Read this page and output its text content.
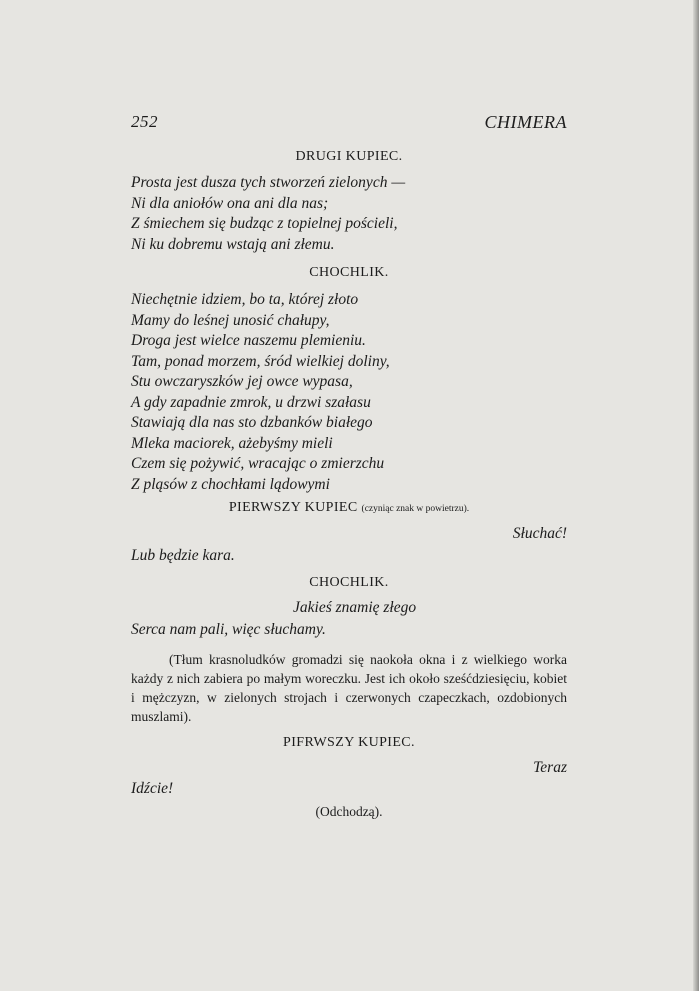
252	CHIMERA

DRUGI KUPIEC.

Prosta jest dusza tych stworzeń zielonych —

Ni dla aniołów ona ani dla nas;

Z śmiechem się budząc z topielnej pościeli,

Ni ku dobremu wstają ani złemu.

CHOCHLIK.

Niechętnie idziem, bo ta, której złoto

Mamy do leśnej unosić chałupy,

Droga jest wielce naszemu plemieniu.

Tam, ponad morzem, śród wielkiej doliny,

Stu owczaryszków jej owce wypasa,

A gdy zapadnie zmrok, u drzwi szałasu

Stawiają dla nas sto dzbanków białego

Mleka maciorek, ażebyśmy mieli

Czem się pożywić, wracając o zmierzchu

Z pląsów z chochłami lądowymi

PIERWSZY KUPIEC (czyniąc znak w powietrzu).

Słuchać!

Lub będzie kara.

CHOCHLIK.

Jakieś znamię złego

Serca nam pali, więc słuchamy.

(Tłum krasnoludków gromadzi się naokoła okna i z wielkiego worka każdy z nich zabiera po małym woreczku. Jest ich około sześćdziesięciu, kobiet i mężczyzn, w zielonych strojach i czerwonych czapeczkach, ozdobionych muszlami).

PIFRWSZY KUPIEC.

Teraz

Idźcie!

(Odchodzą).
